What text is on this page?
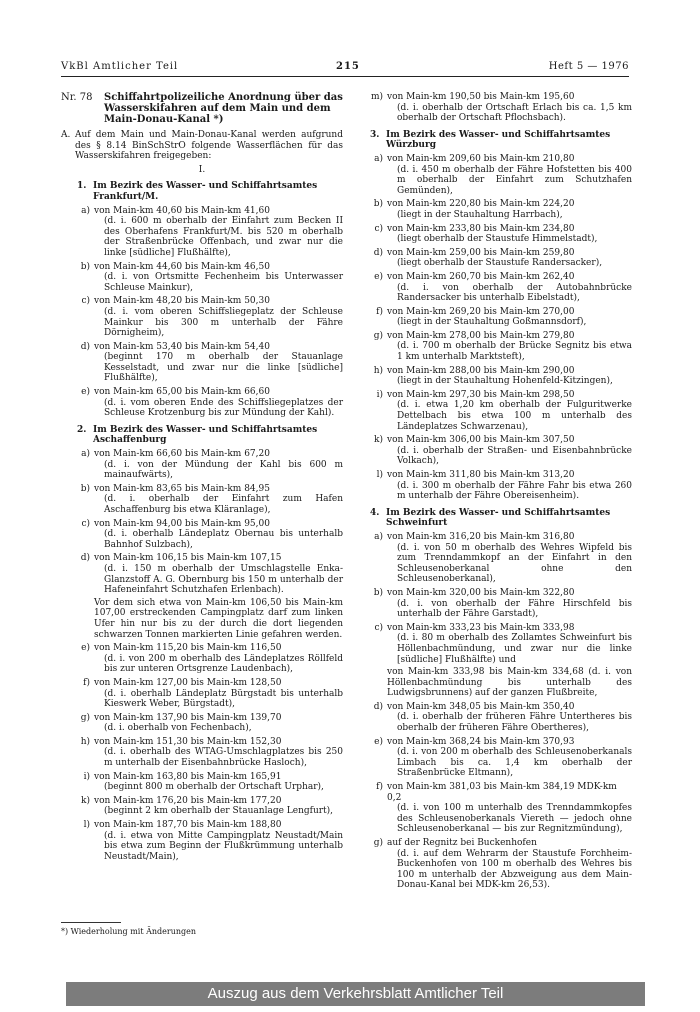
VkBl Amtlicher Teil	215	Heft 5 — 1976
Nr. 78	Schiffahrtpolizeiliche Anordnung über das Wasserskifahren auf dem Main und dem Main-Donau-Kanal *)
A. Auf dem Main und Main-Donau-Kanal werden aufgrund des § 8.14 BinSchStrO folgende Wasserflächen für das Wasserskifahren freigegeben:
I.
1. Im Bezirk des Wasser- und Schiffahrtsamtes Frankfurt/M.
a) von Main-km 40,60 bis Main-km 41,60
(d. i. 600 m oberhalb der Einfahrt zum Becken II des Oberhafens Frankfurt/M. bis 520 m oberhalb der Straßenbrücke Offenbach, und zwar nur die linke [südliche] Flußhälfte),
b) von Main-km 44,60 bis Main-km 46,50
(d. i. von Ortsmitte Fechenheim bis Unterwasser Schleuse Mainkur),
c) von Main-km 48,20 bis Main-km 50,30
(d. i. vom oberen Schiffsliegeplatz der Schleuse Mainkur bis 300 m unterhalb der Fähre Dörnigheim),
d) von Main-km 53,40 bis Main-km 54,40
(beginnt 170 m oberhalb der Stauanlage Kesselstadt, und zwar nur die linke [südliche] Flußhälfte),
e) von Main-km 65,00 bis Main-km 66,60
(d. i. vom oberen Ende des Schiffsliegeplatzes der Schleuse Krotzenburg bis zur Mündung der Kahl).
2. Im Bezirk des Wasser- und Schiffahrtsamtes Aschaffenburg
a) von Main-km 66,60 bis Main-km 67,20
(d. i. von der Mündung der Kahl bis 600 m mainaufwärts),
b) von Main-km 83,65 bis Main-km 84,95
(d. i. oberhalb der Einfahrt zum Hafen Aschaffenburg bis etwa Kläranlage),
c) von Main-km 94,00 bis Main-km 95,00
(d. i. oberhalb Ländeplatz Obernau bis unterhalb Bahnhof Sulzbach),
d) von Main-km 106,15 bis Main-km 107,15
(d. i. 150 m oberhalb der Umschlagstelle Enka-Glanzstoff A. G. Obernburg bis 150 m unterhalb der Hafeneinfahrt Schutzhafen Erlenbach).
Vor dem sich etwa von Main-km 106,50 bis Main-km 107,00 erstreckenden Campingplatz darf zum linken Ufer hin nur bis zu der durch die dort liegenden schwarzen Tonnen markierten Linie gefahren werden.
e) von Main-km 115,20 bis Main-km 116,50
(d. i. von 200 m oberhalb des Ländeplatzes Röllfeld bis zur unteren Ortsgrenze Laudenbach),
f) von Main-km 127,00 bis Main-km 128,50
(d. i. oberhalb Ländeplatz Bürgstadt bis unterhalb Kieswerk Weber, Bürgstadt),
g) von Main-km 137,90 bis Main-km 139,70
(d. i. oberhalb von Fechenbach),
h) von Main-km 151,30 bis Main-km 152,30
(d. i. oberhalb des WTAG-Umschlagplatzes bis 250 m unterhalb der Eisenbahnbrücke Hasloch),
i) von Main-km 163,80 bis Main-km 165,91
(beginnt 800 m oberhalb der Ortschaft Urphar),
k) von Main-km 176,20 bis Main-km 177,20
(beginnt 2 km oberhalb der Stauanlage Lengfurt),
l) von Main-km 187,70 bis Main-km 188,80
(d. i. etwa von Mitte Campingplatz Neustadt/Main bis etwa zum Beginn der Flußkrümmung unterhalb Neustadt/Main),
m) von Main-km 190,50 bis Main-km 195,60
(d. i. oberhalb der Ortschaft Erlach bis ca. 1,5 km oberhalb der Ortschaft Pflochsbach).
3. Im Bezirk des Wasser- und Schiffahrtsamtes Würzburg
a) von Main-km 209,60 bis Main-km 210,80
(d. i. 450 m oberhalb der Fähre Hofstetten bis 400 m oberhalb der Einfahrt zum Schutzhafen Gemünden),
b) von Main-km 220,80 bis Main-km 224,20
(liegt in der Stauhaltung Harrbach),
c) von Main-km 233,80 bis Main-km 234,80
(liegt oberhalb der Staustufe Himmelstadt),
d) von Main-km 259,00 bis Main-km 259,80
(liegt oberhalb der Staustufe Randersacker),
e) von Main-km 260,70 bis Main-km 262,40
(d. i. von oberhalb der Autobahnbrücke Randersacker bis unterhalb Eibelstadt),
f) von Main-km 269,20 bis Main-km 270,00
(liegt in der Stauhaltung Goßmannsdorf),
g) von Main-km 278,00 bis Main-km 279,80
(d. i. 700 m oberhalb der Brücke Segnitz bis etwa 1 km unterhalb Marktsteft),
h) von Main-km 288,00 bis Main-km 290,00
(liegt in der Stauhaltung Hohenfeld-Kitzingen),
i) von Main-km 297,30 bis Main-km 298,50
(d. i. etwa 1,20 km oberhalb der Fulguritwerke Dettelbach bis etwa 100 m unterhalb des Ländeplatzes Schwarzenau),
k) von Main-km 306,00 bis Main-km 307,50
(d. i. oberhalb der Straßen- und Eisenbahnbrücke Volkach),
l) von Main-km 311,80 bis Main-km 313,20
(d. i. 300 m oberhalb der Fähre Fahr bis etwa 260 m unterhalb der Fähre Obereisenheim).
4. Im Bezirk des Wasser- und Schiffahrtsamtes Schweinfurt
a) von Main-km 316,20 bis Main-km 316,80
(d. i. von 50 m oberhalb des Wehres Wipfeld bis zum Trenndammkopf an der Einfahrt in den Schleusenoberkanal ohne den Schleusenoberkanal),
b) von Main-km 320,00 bis Main-km 322,80
(d. i. von oberhalb der Fähre Hirschfeld bis unterhalb der Fähre Garstadt),
c) von Main-km 333,23 bis Main-km 333,98
(d. i. 80 m oberhalb des Zollamtes Schweinfurt bis Höllenbachmündung, und zwar nur die linke [südliche] Flußhälfte) und
von Main-km 333,98 bis Main-km 334,68 (d. i. von Höllenbachmündung bis unterhalb des Ludwigsbrunnens) auf der ganzen Flußbreite,
d) von Main-km 348,05 bis Main-km 350,40
(d. i. oberhalb der früheren Fähre Untertheres bis oberhalb der früheren Fähre Obertheres),
e) von Main-km 368,24 bis Main-km 370,93
(d. i. von 200 m oberhalb des Schleusenoberkanals Limbach bis ca. 1,4 km oberhalb der Straßenbrücke Eltmann),
f) von Main-km 381,03 bis Main-km 384,19 MDK-km 0,2
(d. i. von 100 m unterhalb des Trenndammkopfes des Schleusenoberkanals Viereth — jedoch ohne Schleusenoberkanal — bis zur Regnitzmündung),
g) auf der Regnitz bei Buckenhofen
(d. i. auf dem Wehrarm der Staustufe Forchheim-Buckenhofen von 100 m oberhalb des Wehres bis 100 m unterhalb der Abzweigung aus dem Main-Donau-Kanal bei MDK-km 26,53).
*) Wiederholung mit Änderungen
Auszug aus dem Verkehrsblatt Amtlicher Teil
